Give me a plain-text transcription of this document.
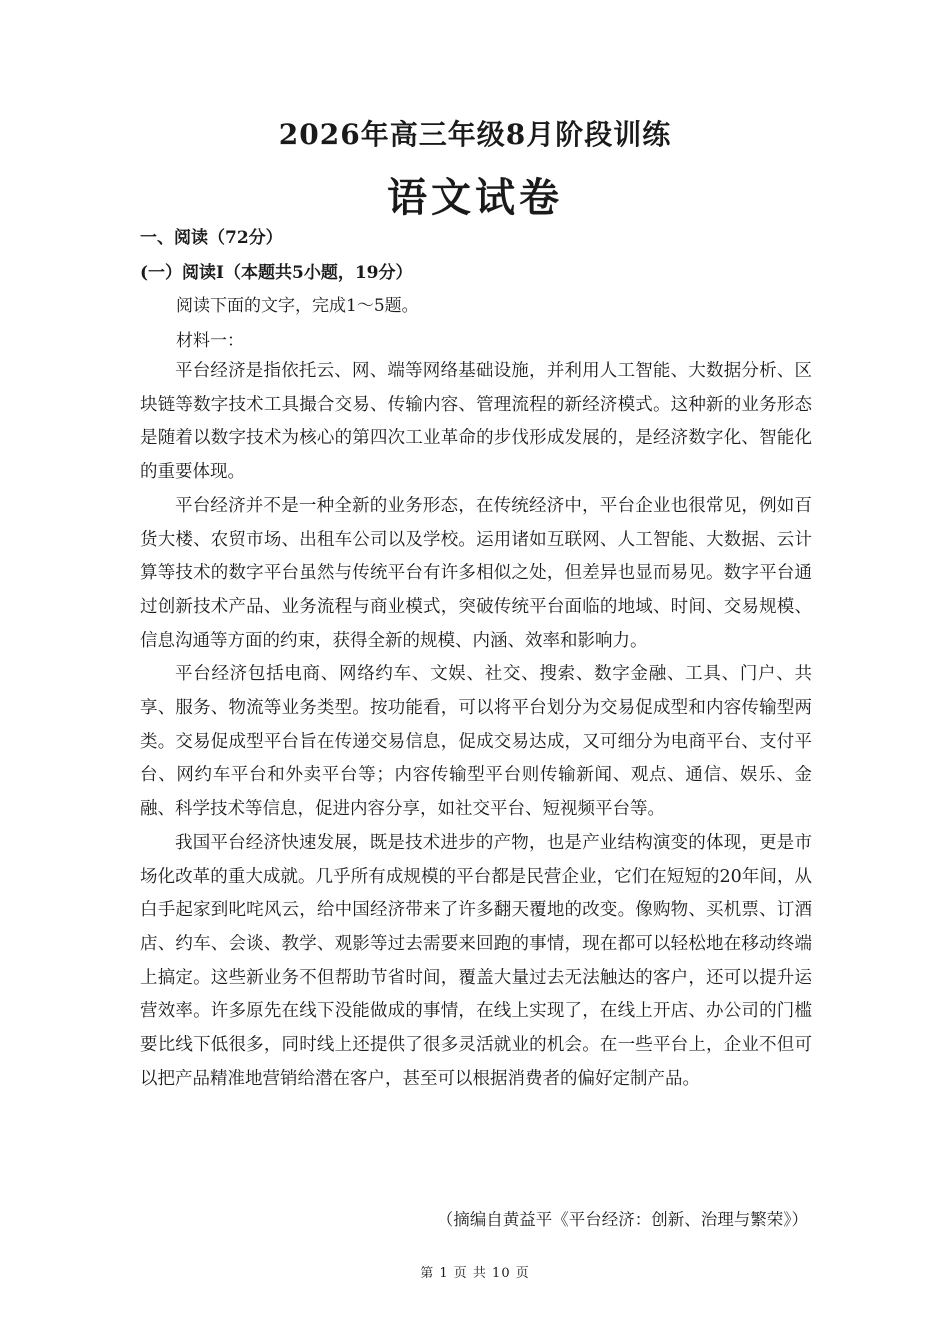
2026年高三年级8月阶段训练
语文试卷
一、阅读（72分）
(一）阅读I（本题共5小题，19分）
阅读下面的文字，完成1～5题。
材料一：

平台经济是指依托云、网、端等网络基础设施，并利用人工智能、大数据分析、区块链等数字技术工具撮合交易、传输内容、管理流程的新经济模式。这种新的业务形态是随着以数字技术为核心的第四次工业革命的步伐形成发展的，是经济数字化、智能化的重要体现。

平台经济并不是一种全新的业务形态，在传统经济中，平台企业也很常见，例如百货大楼、农贸市场、出租车公司以及学校。运用诸如互联网、人工智能、大数据、云计算等技术的数字平台虽然与传统平台有许多相似之处，但差异也显而易见。数字平台通过创新技术产品、业务流程与商业模式，突破传统平台面临的地域、时间、交易规模、信息沟通等方面的约束，获得全新的规模、内涵、效率和影响力。

平台经济包括电商、网络约车、文娱、社交、搜索、数字金融、工具、门户、共享、服务、物流等业务类型。按功能看，可以将平台划分为交易促成型和内容传输型两类。交易促成型平台旨在传递交易信息，促成交易达成，又可细分为电商平台、支付平台、网约车平台和外卖平台等；内容传输型平台则传输新闻、观点、通信、娱乐、金融、科学技术等信息，促进内容分享，如社交平台、短视频平台等。

我国平台经济快速发展，既是技术进步的产物，也是产业结构演变的体现，更是市场化改革的重大成就。几乎所有成规模的平台都是民营企业，它们在短短的20年间，从白手起家到叱咤风云，给中国经济带来了许多翻天覆地的改变。像购物、买机票、订酒店、约车、会谈、教学、观影等过去需要来回跑的事情，现在都可以轻松地在移动终端上搞定。这些新业务不但帮助节省时间，覆盖大量过去无法触达的客户，还可以提升运营效率。许多原先在线下没能做成的事情，在线上实现了，在线上开店、办公司的门槛要比线下低很多，同时线上还提供了很多灵活就业的机会。在一些平台上，企业不但可以把产品精准地营销给潜在客户，甚至可以根据消费者的偏好定制产品。

（摘编自黄益平《平台经济：创新、治理与繁荣》）
第 1 页 共 10 页
